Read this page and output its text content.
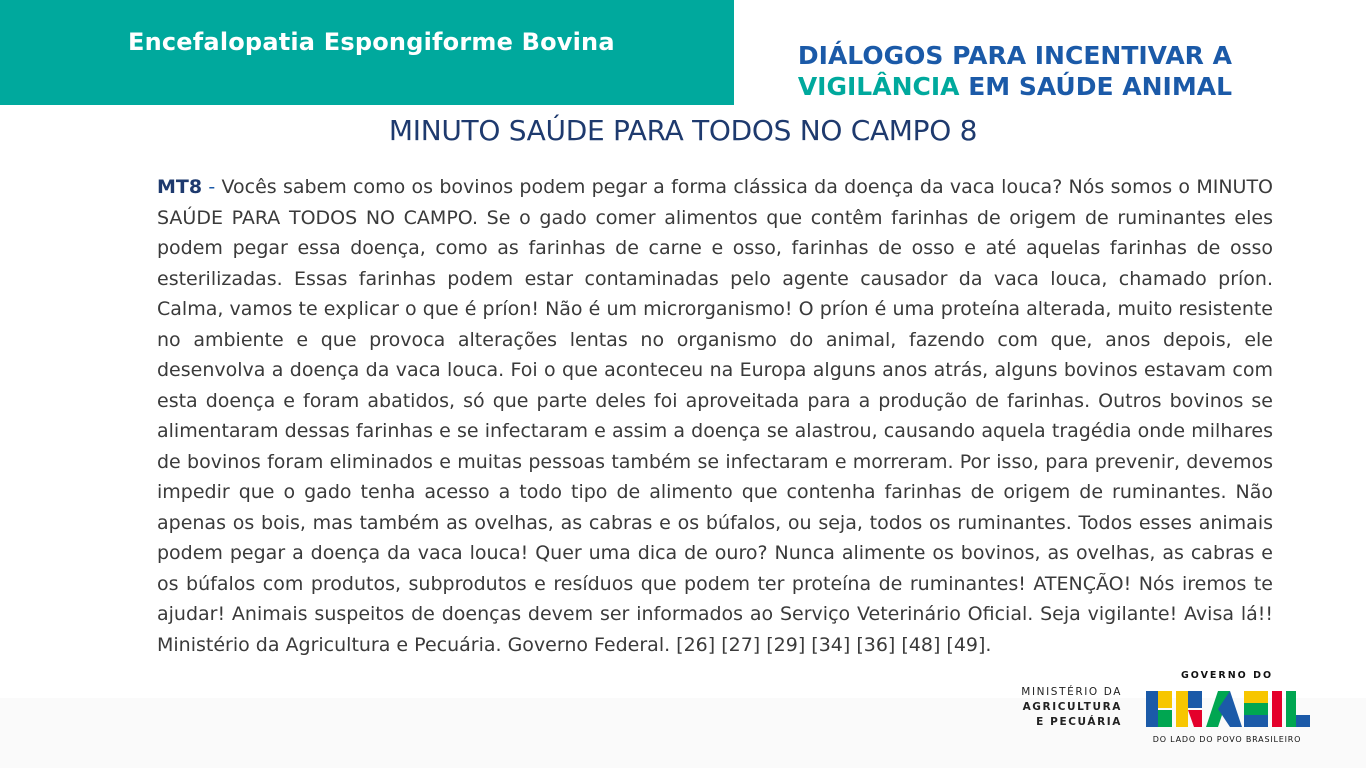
Encefalopatia Espongiforme Bovina	DIÁLOGOS PARA INCENTIVAR A
VIGILÂNCIA EM SAÚDE ANIMAL
MINUTO SAÚDE PARA TODOS NO CAMPO 8
MT8 - Vocês sabem como os bovinos podem pegar a forma clássica da doença da vaca louca? Nós somos o MINUTO SAÚDE PARA TODOS NO CAMPO. Se o gado comer alimentos que contêm farinhas de origem de ruminantes eles podem pegar essa doença, como as farinhas de carne e osso, farinhas de osso e até aquelas farinhas de osso esterilizadas. Essas farinhas podem estar contaminadas pelo agente causador da vaca louca, chamado príon. Calma, vamos te explicar o que é príon! Não é um microrganismo! O príon é uma proteína alterada, muito resistente no ambiente e que provoca alterações lentas no organismo do animal, fazendo com que, anos depois, ele desenvolva a doença da vaca louca. Foi o que aconteceu na Europa alguns anos atrás, alguns bovinos estavam com esta doença e foram abatidos, só que parte deles foi aproveitada para a produção de farinhas. Outros bovinos se alimentaram dessas farinhas e se infectaram e assim a doença se alastrou, causando aquela tragédia onde milhares de bovinos foram eliminados e muitas pessoas também se infectaram e morreram. Por isso, para prevenir, devemos impedir que o gado tenha acesso a todo tipo de alimento que contenha farinhas de origem de ruminantes. Não apenas os bois, mas também as ovelhas, as cabras e os búfalos, ou seja, todos os ruminantes. Todos esses animais podem pegar a doença da vaca louca! Quer uma dica de ouro? Nunca alimente os bovinos, as ovelhas, as cabras e os búfalos com produtos, subprodutos e resíduos que podem ter proteína de ruminantes! ATENÇÃO! Nós iremos te ajudar! Animais suspeitos de doenças devem ser informados ao Serviço Veterinário Oficial. Seja vigilante! Avisa lá!! Ministério da Agricultura e Pecuária. Governo Federal. [26] [27] [29] [34] [36] [48] [49].
MINISTÉRIO DA
AGRICULTURA
E PECUÁRIA
GOVERNO DO
DO LADO DO POVO BRASILEIRO
